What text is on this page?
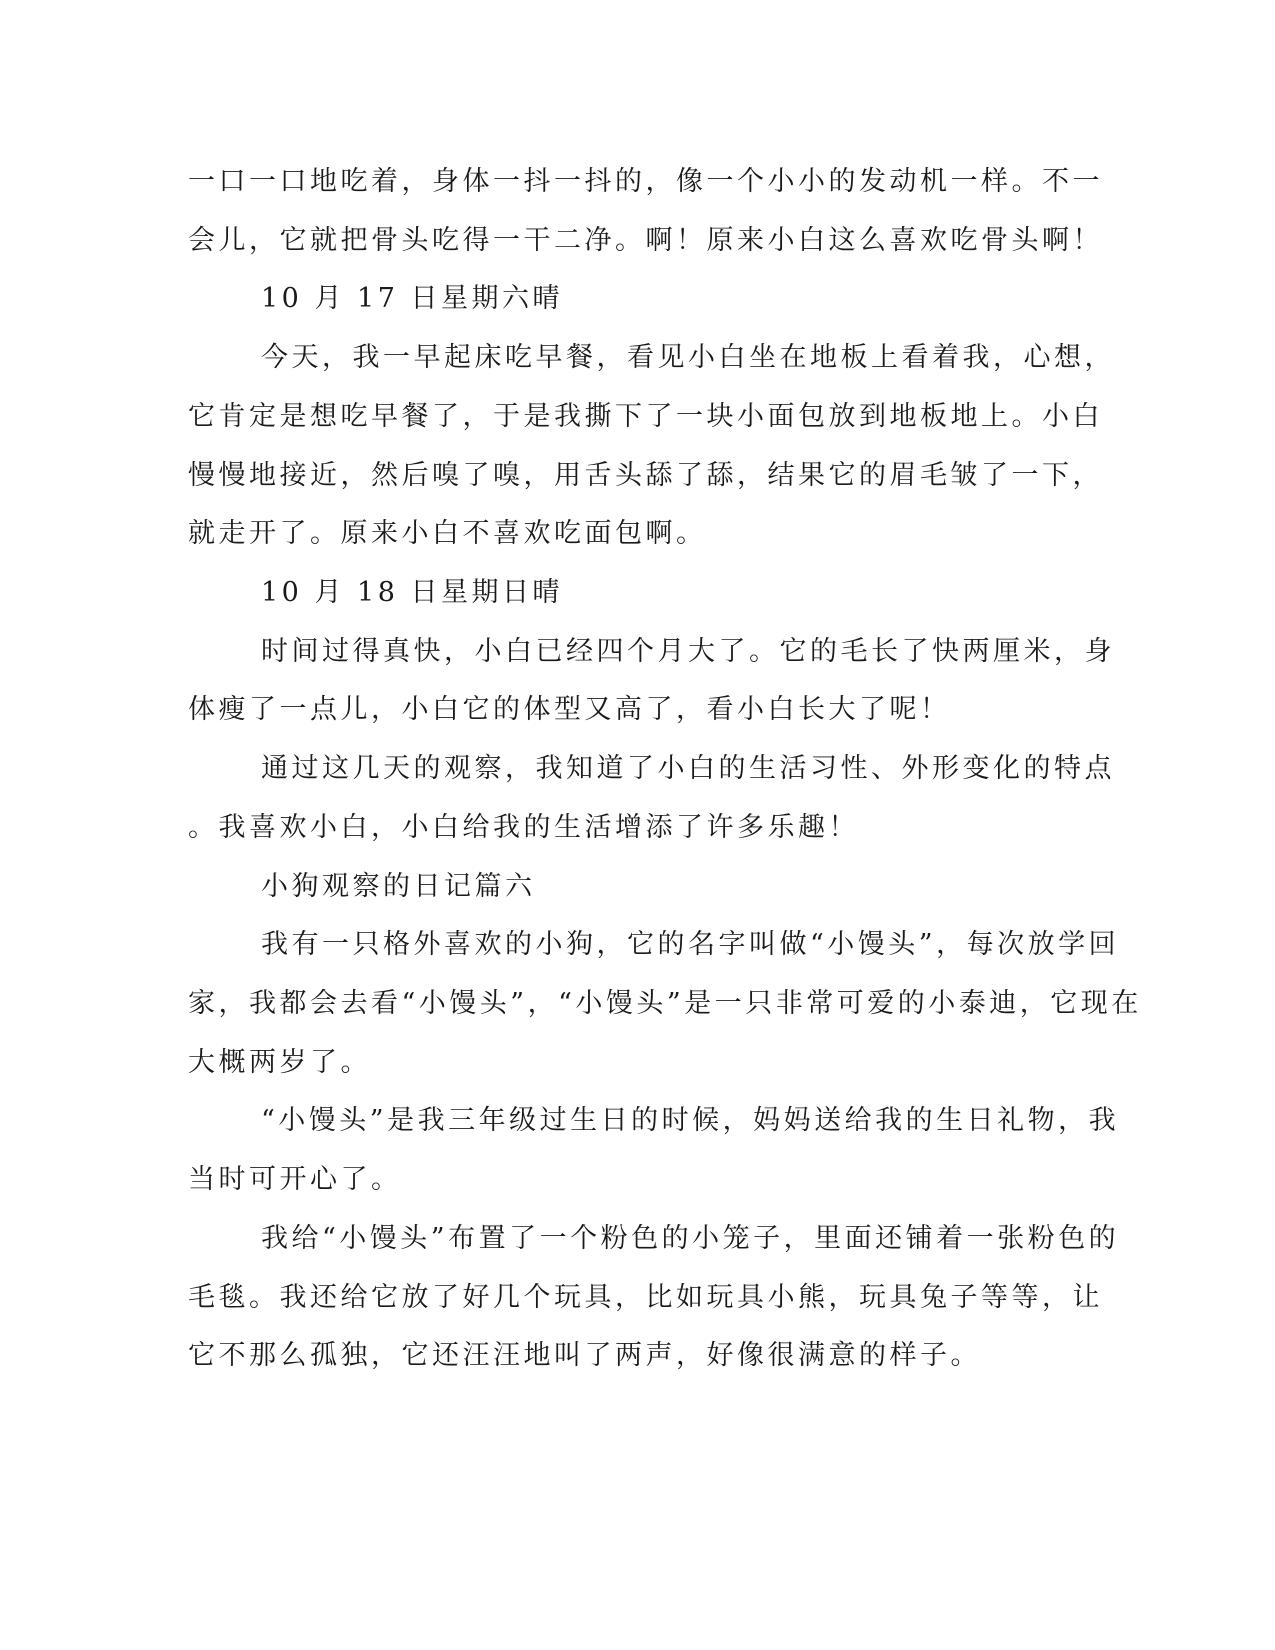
一口一口地吃着，身体一抖一抖的，像一个小小的发动机一样。不一
会儿，它就把骨头吃得一干二净。啊！原来小白这么喜欢吃骨头啊！
10 月 17 日星期六晴
今天，我一早起床吃早餐，看见小白坐在地板上看着我，心想，
它肯定是想吃早餐了，于是我撕下了一块小面包放到地板地上。小白
慢慢地接近，然后嗅了嗅，用舌头舔了舔，结果它的眉毛皱了一下，
就走开了。原来小白不喜欢吃面包啊。
10 月 18 日星期日晴
时间过得真快，小白已经四个月大了。它的毛长了快两厘米，身
体瘦了一点儿，小白它的体型又高了，看小白长大了呢！
通过这几天的观察，我知道了小白的生活习性、外形变化的特点
。我喜欢小白，小白给我的生活增添了许多乐趣！
小狗观察的日记篇六
我有一只格外喜欢的小狗，它的名字叫做“小馒头”，每次放学回
家，我都会去看“小馒头”，“小馒头”是一只非常可爱的小泰迪，它现在
大概两岁了。
“小馒头”是我三年级过生日的时候，妈妈送给我的生日礼物，我
当时可开心了。
我给“小馒头”布置了一个粉色的小笼子，里面还铺着一张粉色的
毛毯。我还给它放了好几个玩具，比如玩具小熊，玩具兔子等等，让
它不那么孤独，它还汪汪地叫了两声，好像很满意的样子。
